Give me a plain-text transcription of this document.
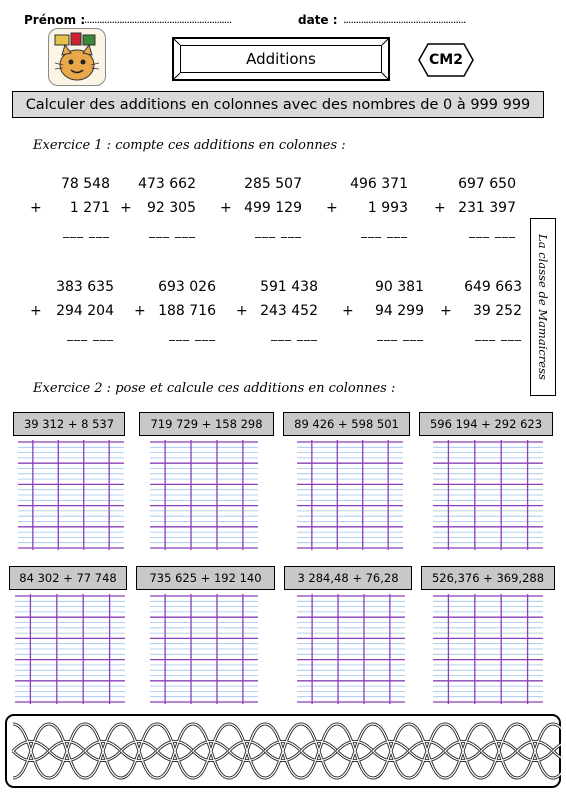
Prénom :
...........................................................	date : .................................................
Additions	CM2
Calculer des additions en colonnes avec des nombres de 0 à 999 999
Exercice 1 : compte ces additions en colonnes :
78 548
+ 1 271
___ ___
473 662
+ 92 305
___ ___
285 507
+ 499 129
___ ___
496 371
+ 1 993
___ ___
697 650
+ 231 397
___ ___
383 635
+ 294 204
___ ___
693 026
+ 188 716
___ ___
591 438
+ 243 452
___ ___
90 381
+ 94 299
___ ___
649 663
+ 39 252
___ ___ La classe de Mamaicress
Exercice 2 : pose et calcule ces additions en colonnes :
39 312 + 8 537	719 729 + 158 298	89 426 + 598 501	596 194 + 292 623
84 302 + 77 748	735 625 + 192 140	3 284,48 + 76,28	526,376 + 369,288
